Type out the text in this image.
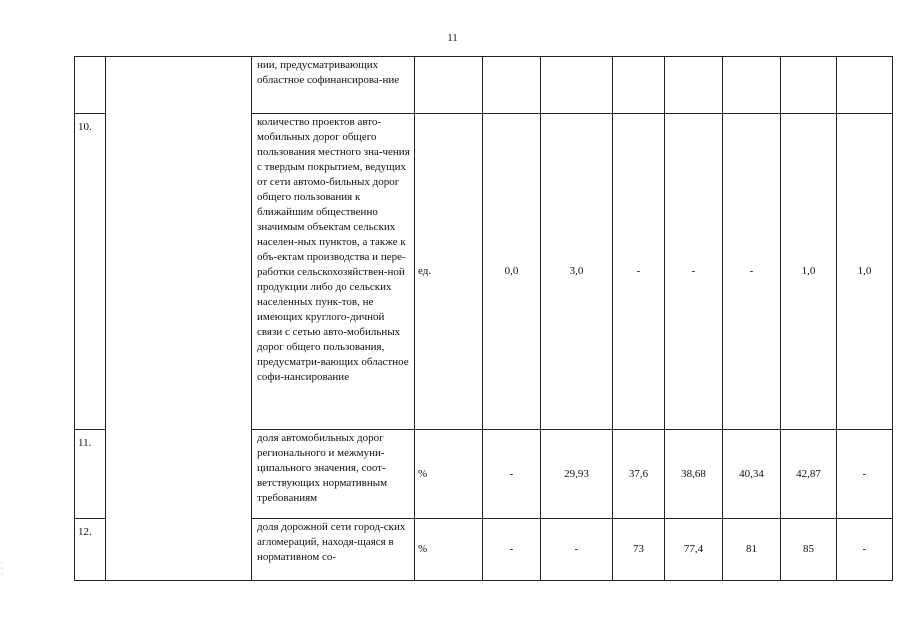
11
		нии, предусматривающих областное софинансирова-ние								
10.		количество проектов авто-мобильных дорог общего пользования местного зна-чения с твердым покрытием, ведущих от сети автомо-бильных дорог общего пользования к ближайшим общественно значимым объектам сельских населен-ных пунктов, а также к объ-ектам производства и пере-работки сельскохозяйствен-ной продукции либо до сельских населенных пунк-тов, не имеющих круглого-дичной связи с сетью авто-мобильных дорог общего пользования, предусматри-вающих областное софи-нансирование	ед.	0,0	3,0	-	-	-	1,0	1,0
11.		доля автомобильных дорог регионального и межмуни-ципального значения, соот-ветствующих нормативным требованиям	%	-	29,93	37,6	38,68	40,34	42,87	-
12.		доля дорожной сети город-ских агломераций, находя-щаяся в нормативном со-	%	-	-	73	77,4	81	85	-
·
·
·
